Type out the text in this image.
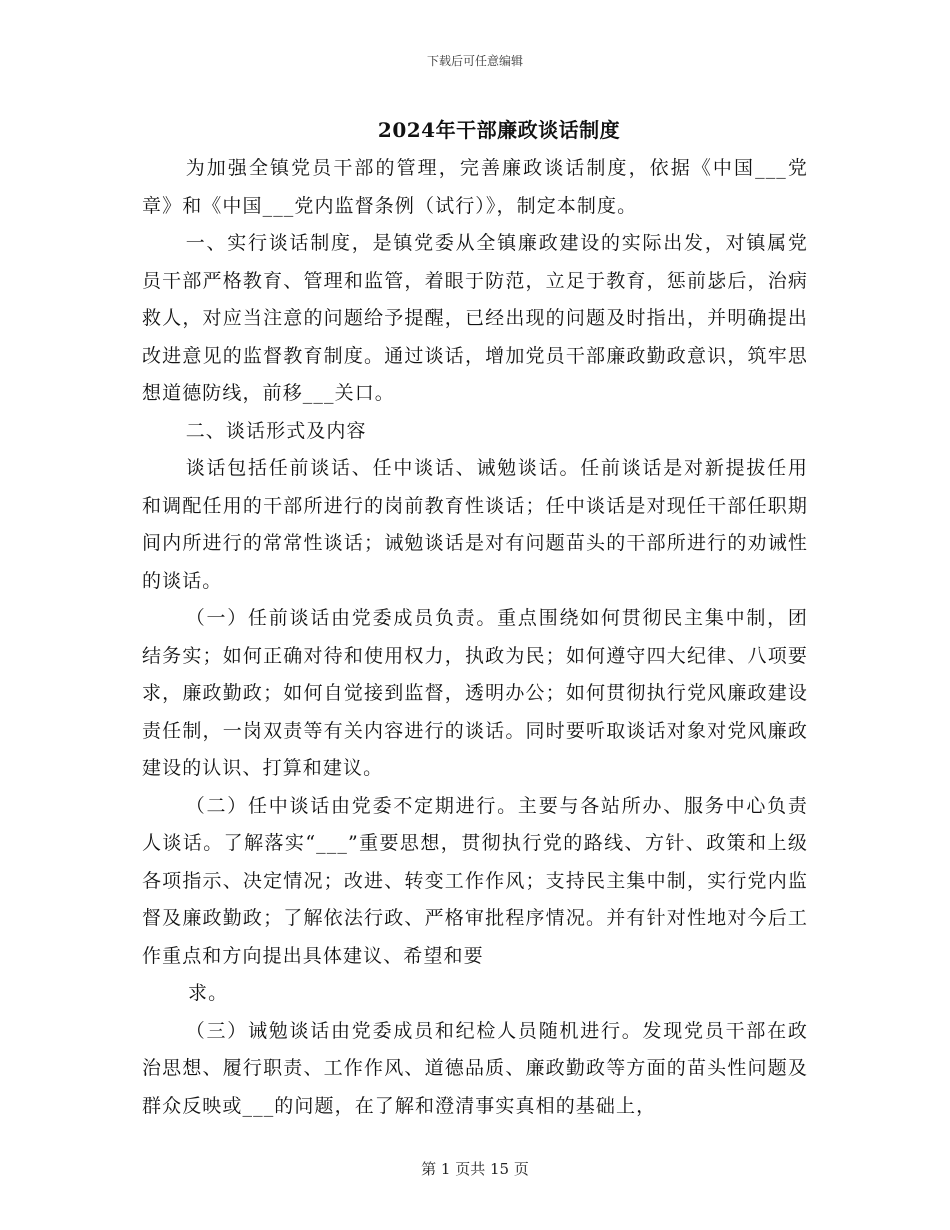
下载后可任意编辑
2024年干部廉政谈话制度

为加强全镇党员干部的管理，完善廉政谈话制度，依据《中国___党章》和《中国___党内监督条例（试行）》，制定本制度。

一、实行谈话制度，是镇党委从全镇廉政建设的实际出发，对镇属党员干部严格教育、管理和监管，着眼于防范，立足于教育，惩前毖后，治病救人，对应当注意的问题给予提醒，已经出现的问题及时指出，并明确提出改进意见的监督教育制度。通过谈话，增加党员干部廉政勤政意识，筑牢思想道德防线，前移___关口。

二、谈话形式及内容

谈话包括任前谈话、任中谈话、诫勉谈话。任前谈话是对新提拔任用和调配任用的干部所进行的岗前教育性谈话；任中谈话是对现任干部任职期间内所进行的常常性谈话；诫勉谈话是对有问题苗头的干部所进行的劝诫性的谈话。

（一）任前谈话由党委成员负责。重点围绕如何贯彻民主集中制，团结务实；如何正确对待和使用权力，执政为民；如何遵守四大纪律、八项要求，廉政勤政；如何自觉接到监督，透明办公；如何贯彻执行党风廉政建设责任制，一岗双责等有关内容进行的谈话。同时要听取谈话对象对党风廉政建设的认识、打算和建议。

（二）任中谈话由党委不定期进行。主要与各站所办、服务中心负责人谈话。了解落实“___”重要思想，贯彻执行党的路线、方针、政策和上级各项指示、决定情况；改进、转变工作作风；支持民主集中制，实行党内监督及廉政勤政；了解依法行政、严格审批程序情况。并有针对性地对今后工作重点和方向提出具体建议、希望和要

求。

（三）诫勉谈话由党委成员和纪检人员随机进行。发现党员干部在政治思想、履行职责、工作作风、道德品质、廉政勤政等方面的苗头性问题及群众反映或___的问题，在了解和澄清事实真相的基础上，

第 1 页共 15 页
